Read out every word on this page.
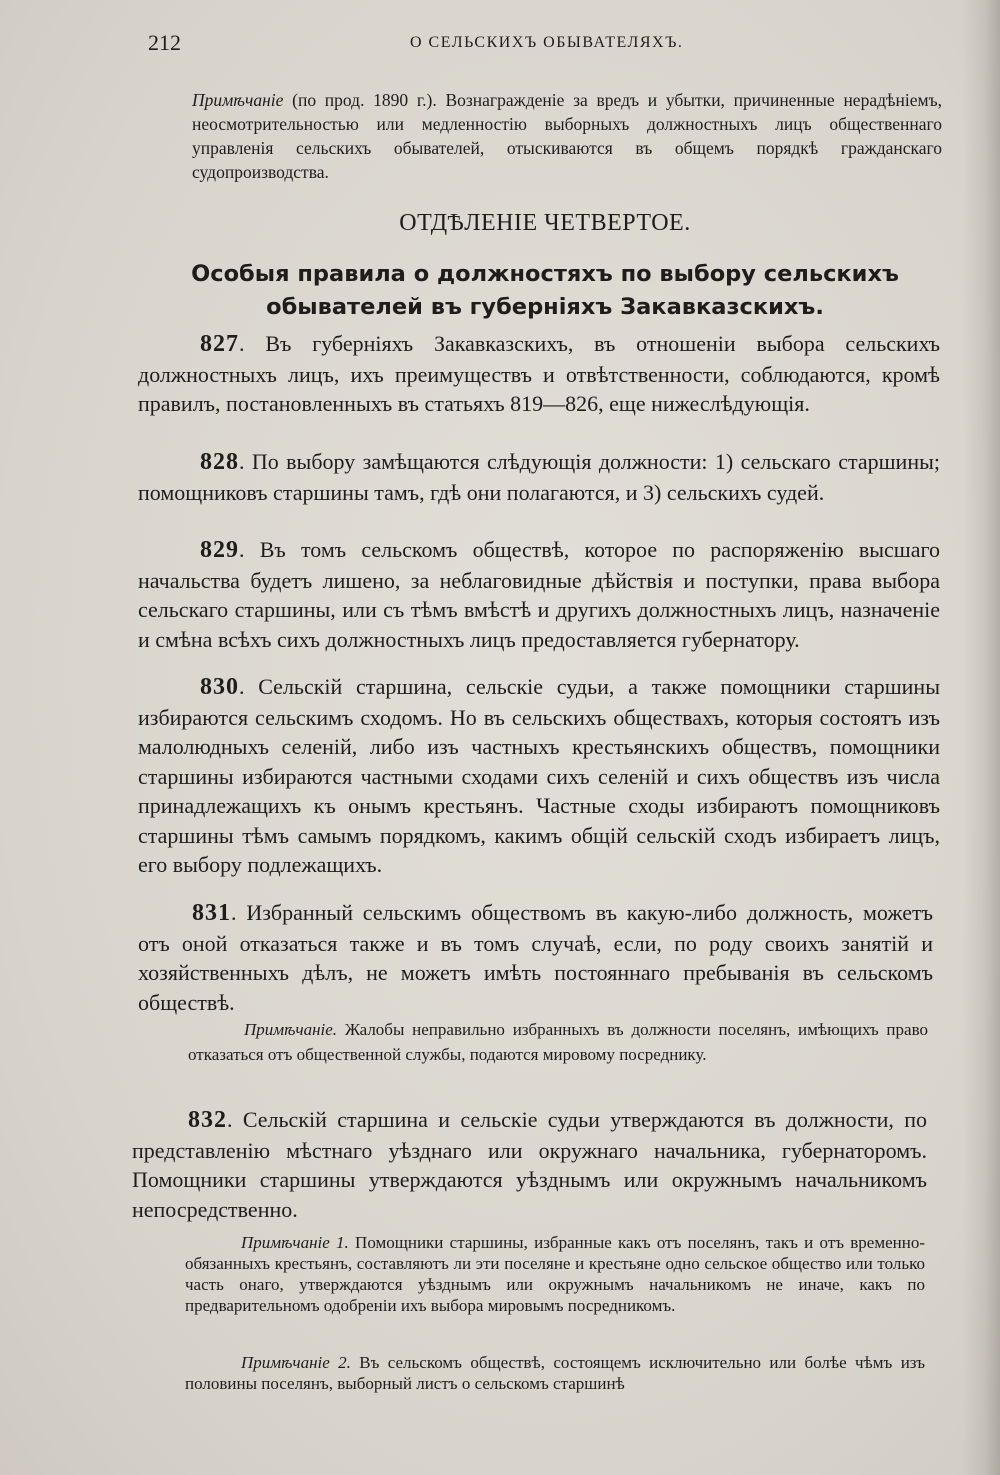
212	О СЕЛЬСКИХЪ ОБЫВАТЕЛЯХЪ.
Примѣчаніе (по прод. 1890 г.). Вознагражденіе за вредъ и убытки, причиненные нерадѣніемъ, неосмотрительностью или медленностію выборныхъ должностныхъ лицъ общественнаго управленія сельскихъ обывателей, отыскиваются въ общемъ порядкѣ гражданскаго судопроизводства.
ОТДѢЛЕНІЕ ЧЕТВЕРТОЕ.
Особыя правила о должностяхъ по выбору сельскихъ обывателей въ губерніяхъ Закавказскихъ.
827. Въ губерніяхъ Закавказскихъ, въ отношеніи выбора сельскихъ должностныхъ лицъ, ихъ преимуществъ и отвѣтственности, соблюдаются, кромѣ правилъ, постановленныхъ въ статьяхъ 819—826, еще нижеслѣдующія.
828. По выбору замѣщаются слѣдующія должности: 1) сельскаго старшины; помощниковъ старшины тамъ, гдѣ они полагаются, и 3) сельскихъ судей.
829. Въ томъ сельскомъ обществѣ, которое по распоряженію высшаго начальства будетъ лишено, за неблаговидные дѣйствія и поступки, права выбора сельскаго старшины, или съ тѣмъ вмѣстѣ и другихъ должностныхъ лицъ, назначеніе и смѣна всѣхъ сихъ должностныхъ лицъ предоставляется губернатору.
830. Сельскій старшина, сельскіе судьи, а также помощники старшины избираются сельскимъ сходомъ. Но въ сельскихъ обществахъ, которыя состоятъ изъ малолюдныхъ селеній, либо изъ частныхъ крестьянскихъ обществъ, помощники старшины избираются частными сходами сихъ селеній и сихъ обществъ изъ числа принадлежащихъ къ онымъ крестьянъ. Частные сходы избираютъ помощниковъ старшины тѣмъ самымъ порядкомъ, какимъ общій сельскій сходъ избираетъ лицъ, его выбору подлежащихъ.
831. Избранный сельскимъ обществомъ въ какую-либо должность, можетъ отъ оной отказаться также и въ томъ случаѣ, если, по роду своихъ занятій и хозяйственныхъ дѣлъ, не можетъ имѣть постояннаго пребыванія въ сельскомъ обществѣ.
Примѣчаніе. Жалобы неправильно избранныхъ въ должности поселянъ, имѣющихъ право отказаться отъ общественной службы, подаются мировому посреднику.
832. Сельскій старшина и сельскіе судьи утверждаются въ должности, по представленію мѣстнаго уѣзднаго или окружнаго начальника, губернаторомъ. Помощники старшины утверждаются уѣзднымъ или окружнымъ начальникомъ непосредственно.
Примѣчаніе 1. Помощники старшины, избранные какъ отъ поселянъ, такъ и отъ временно-обязанныхъ крестьянъ, составляютъ ли эти поселяне и крестьяне одно сельское общество или только часть онаго, утверждаются уѣзднымъ или окружнымъ начальникомъ не иначе, какъ по предварительномъ одобреніи ихъ выбора мировымъ посредникомъ.
Примѣчаніе 2. Въ сельскомъ обществѣ, состоящемъ исключительно или болѣе чѣмъ изъ половины поселянъ, выборный листъ о сельскомъ старшинѣ
